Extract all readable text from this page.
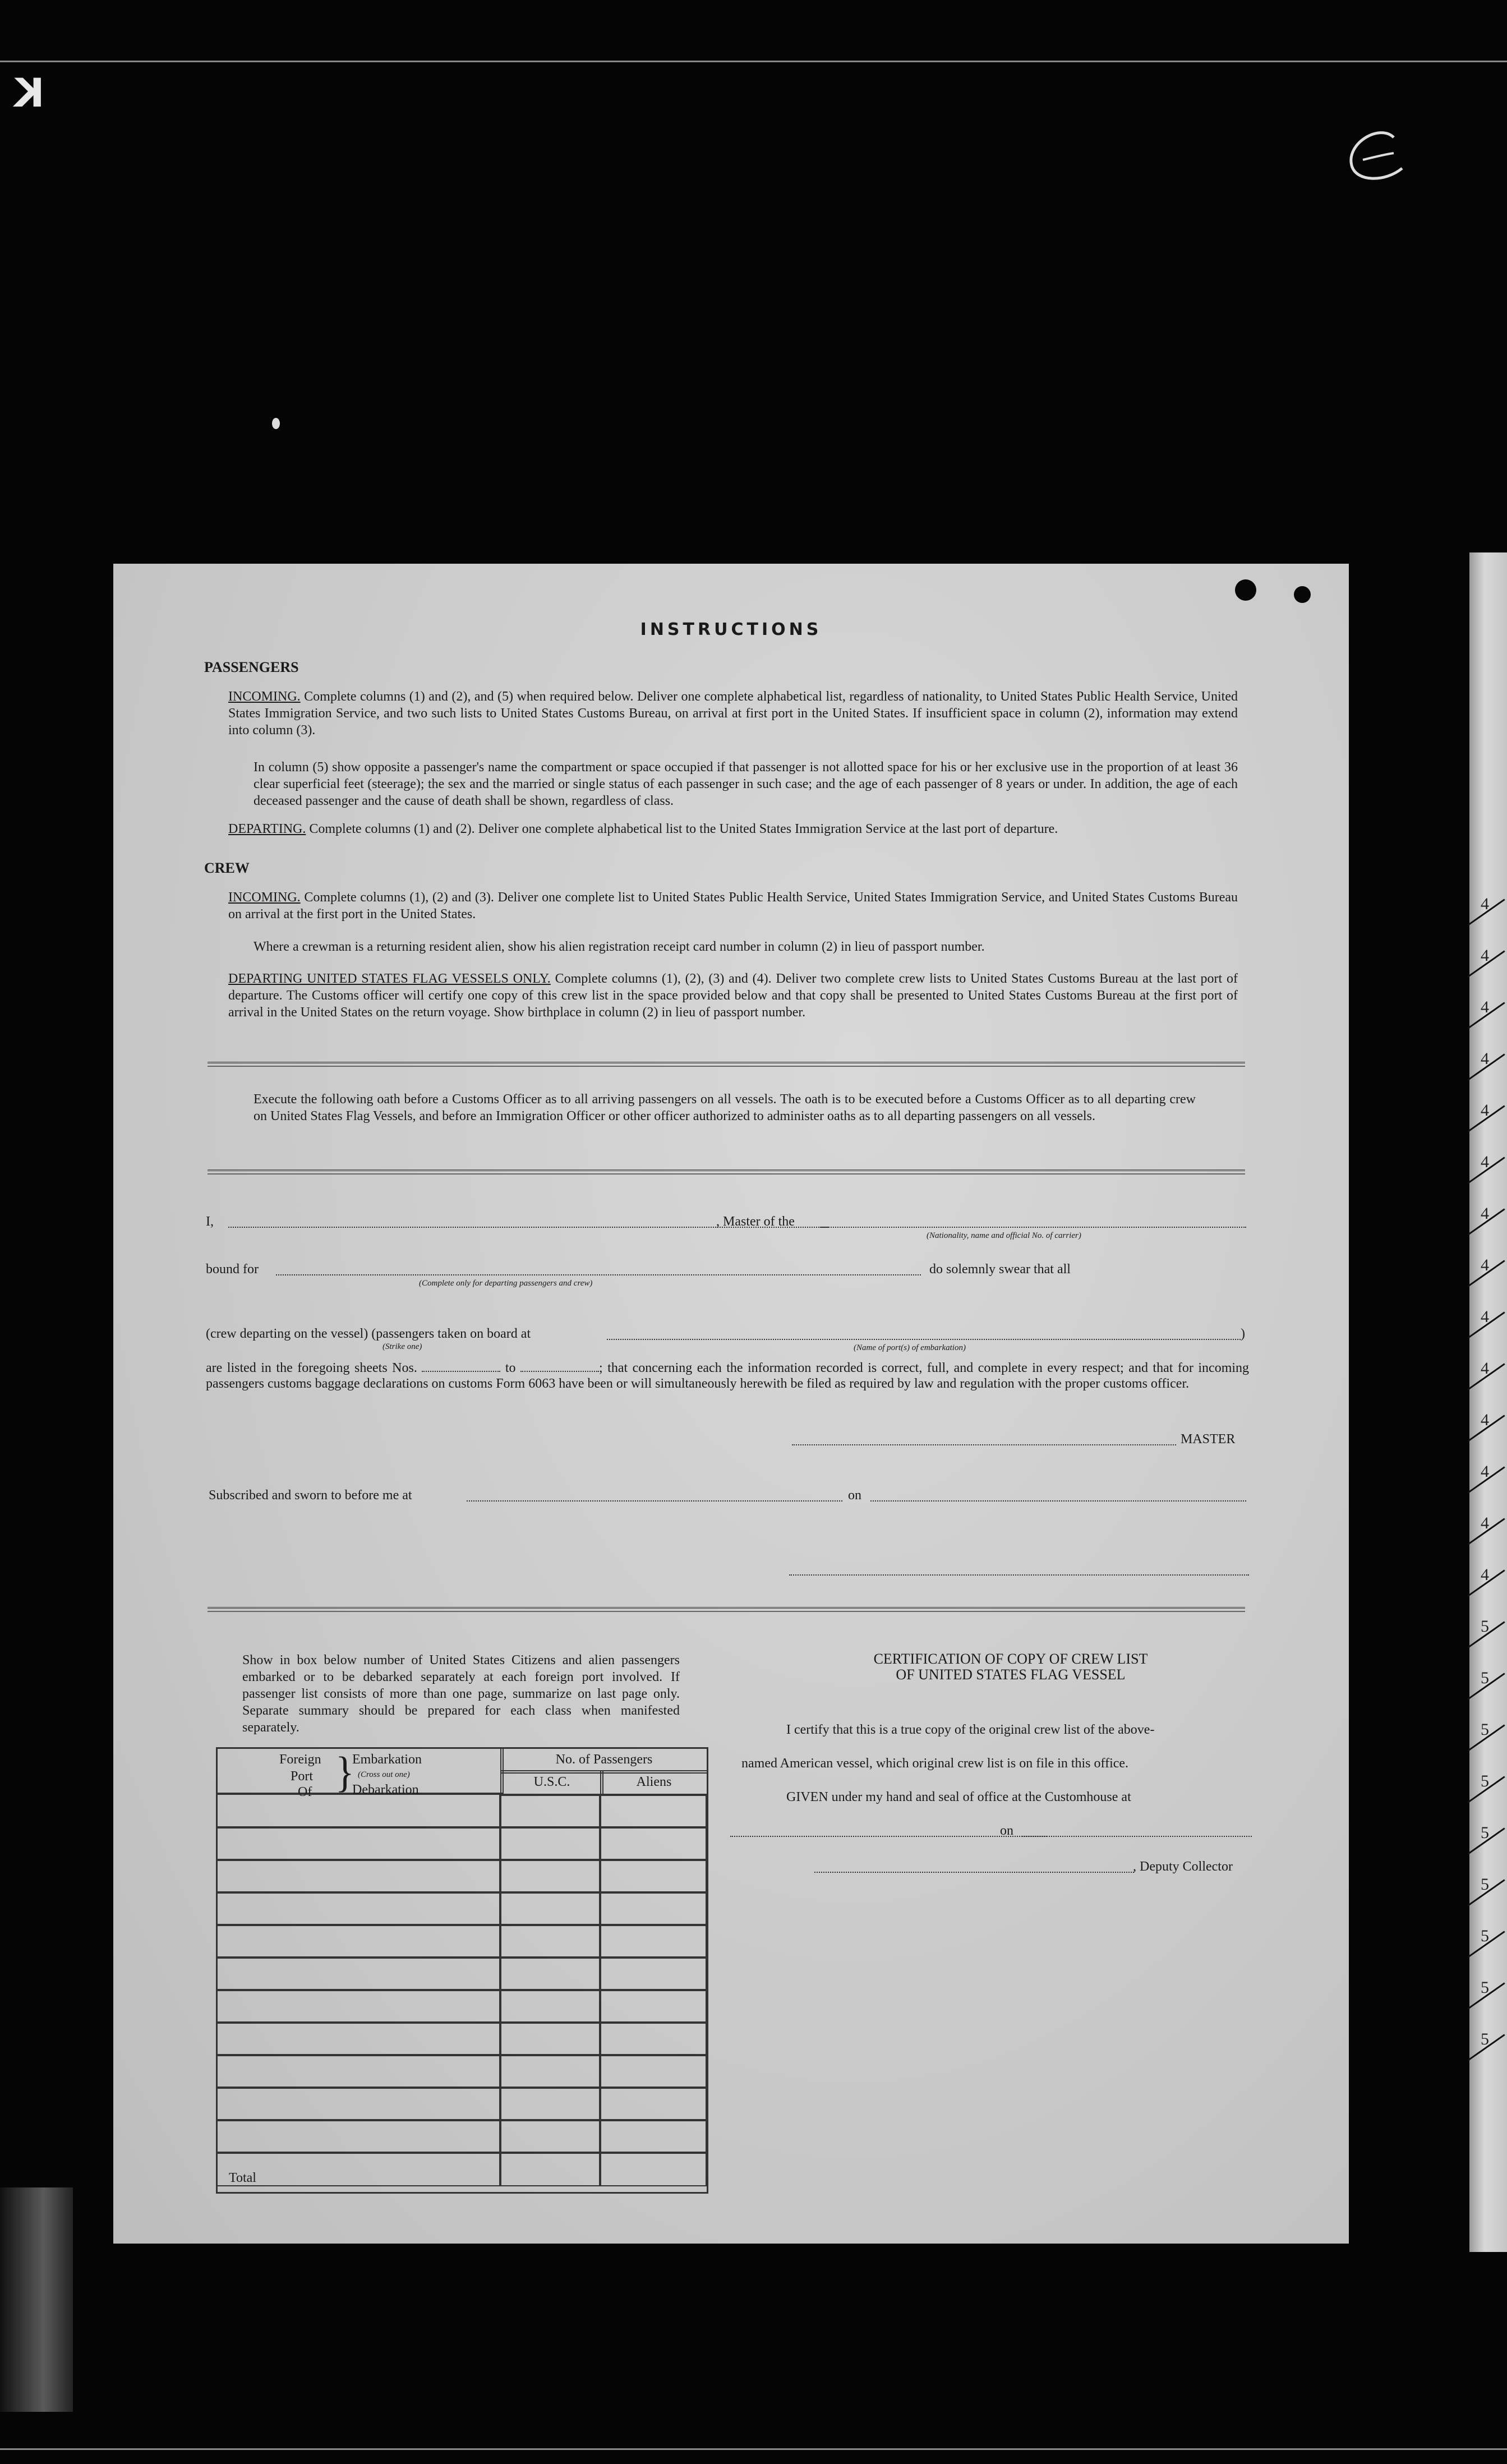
K
4
4
4
4
4
4
4
4
4
4
4
4
4
4
5
5
5
5
5
5
5
5
5
INSTRUCTIONS
PASSENGERS
INCOMING. Complete columns (1) and (2), and (5) when required below. Deliver one complete alphabetical list, regardless of nationality, to United States Public Health Service, United States Immigration Service, and two such lists to United States Customs Bureau, on arrival at first port in the United States. If insufficient space in column (2), information may extend into column (3).
In column (5) show opposite a passenger's name the compartment or space occupied if that passenger is not allotted space for his or her exclusive use in the proportion of at least 36 clear superficial feet (steerage); the sex and the married or single status of each passenger in such case; and the age of each passenger of 8 years or under. In addition, the age of each deceased passenger and the cause of death shall be shown, regardless of class.
DEPARTING. Complete columns (1) and (2). Deliver one complete alphabetical list to the United States Immigration Service at the last port of departure.
CREW
INCOMING. Complete columns (1), (2) and (3). Deliver one complete list to United States Public Health Service, United States Immigration Service, and United States Customs Bureau on arrival at the first port in the United States.
Where a crewman is a returning resident alien, show his alien registration receipt card number in column (2) in lieu of passport number.
DEPARTING UNITED STATES FLAG VESSELS ONLY. Complete columns (1), (2), (3) and (4). Deliver two complete crew lists to United States Customs Bureau at the last port of departure. The Customs officer will certify one copy of this crew list in the space provided below and that copy shall be presented to United States Customs Bureau at the first port of arrival in the United States on the return voyage. Show birthplace in column (2) in lieu of passport number.
Execute the following oath before a Customs Officer as to all arriving passengers on all vessels. The oath is to be executed before a Customs Officer as to all departing crew on United States Flag Vessels, and before an Immigration Officer or other officer authorized to administer oaths as to all departing passengers on all vessels.
I,	, Master of the
(Nationality, name and official No. of carrier)
bound for
(Complete only for departing passengers and crew)
do solemnly swear that all
(crew departing on the vessel) (passengers taken on board at
(Strike one)	(Name of port(s) of embarkation)
)
are listed in the foregoing sheets Nos.	to	; that concerning each the information recorded is correct, full, and complete in every respect; and that for incoming passengers customs baggage declarations on customs Form 6063 have been or will simultaneously herewith be filed as required by law and regulation with the proper customs officer.
MASTER
Subscribed and sworn to before me at	on
Show in box below number of United States Citizens and alien passengers embarked or to be debarked separately at each foreign port involved. If passenger list consists of more than one page, summarize on last page only. Separate summary should be prepared for each class when manifested separately.
Foreign
Port
Of }
Embarkation
(Cross out one)
Debarkation
No. of Passengers
U.S.C.	Aliens
Total
CERTIFICATION OF COPY OF CREW LIST
OF UNITED STATES FLAG VESSEL
I certify that this is a true copy of the original crew list of the above-
named American vessel, which original crew list is on file in this office.
GIVEN under my hand and seal of office at the Customhouse at
on
, Deputy Collector
